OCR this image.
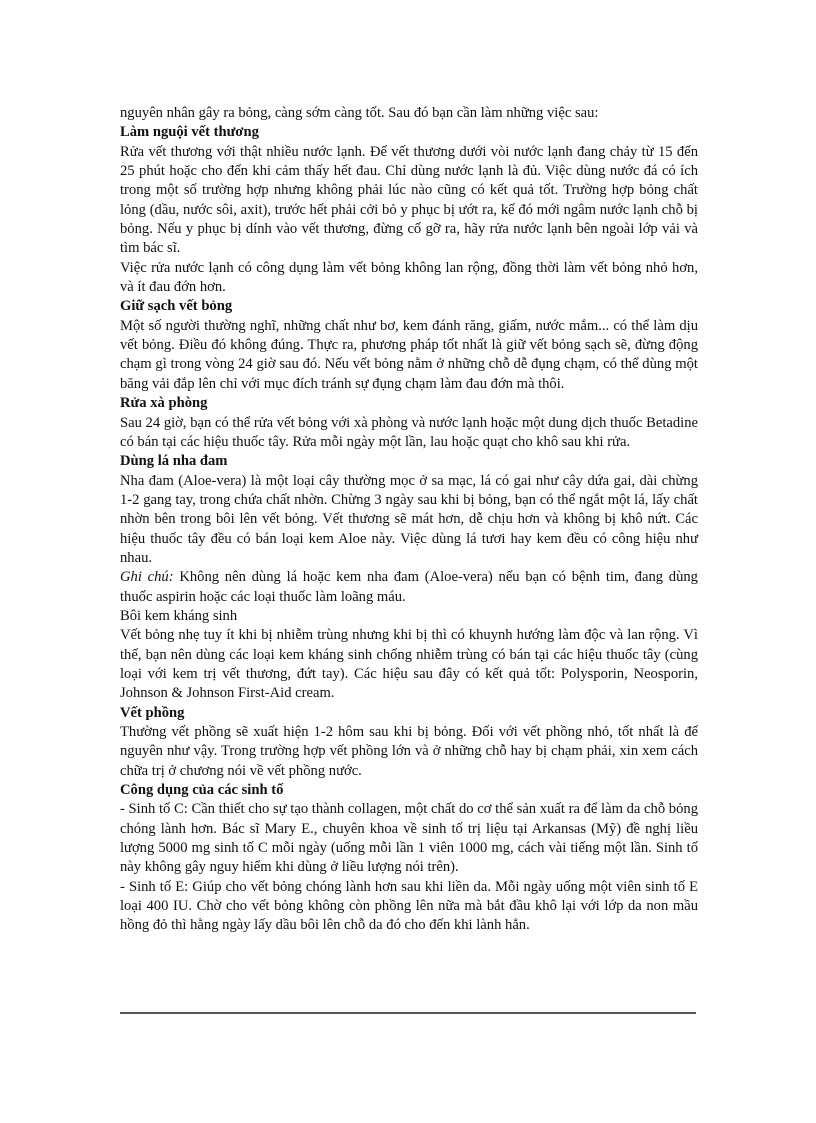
nguyên nhân gây ra bỏng, càng sớm càng tốt. Sau đó bạn cần làm những việc sau:

Làm nguội vết thương

Rửa vết thương với thật nhiều nước lạnh. Để vết thương dưới vòi nước lạnh đang chảy từ 15 đến 25 phút hoặc cho đến khi cảm thấy hết đau. Chỉ dùng nước lạnh là đủ. Việc dùng nước đá có ích trong một số trường hợp nhưng không phải lúc nào cũng có kết quả tốt. Trường hợp bỏng chất lỏng (dầu, nước sôi, axit), trước hết phải cởi bỏ y phục bị ướt ra, kế đó mới ngâm nước lạnh chỗ bị bỏng. Nếu y phục bị dính vào vết thương, đừng cố gỡ ra, hãy rửa nước lạnh bên ngoài lớp vải và tìm bác sĩ.

Việc rửa nước lạnh có công dụng làm vết bỏng không lan rộng, đồng thời làm vết bỏng nhỏ hơn, và ít đau đớn hơn.

Giữ sạch vết bỏng

Một số người thường nghĩ, những chất như bơ, kem đánh răng, giấm, nước mắm... có thể làm dịu vết bỏng. Điều đó không đúng. Thực ra, phương pháp tốt nhất là giữ vết bỏng sạch sẽ, đừng động chạm gì trong vòng 24 giờ sau đó. Nếu vết bỏng nằm ở những chỗ dễ đụng chạm, có thể dùng một băng vải đắp lên chỉ với mục đích tránh sự đụng chạm làm đau đớn mà thôi.

Rửa xà phòng

Sau 24 giờ, bạn có thể rửa vết bỏng với xà phòng và nước lạnh hoặc một dung dịch thuốc Betadine có bán tại các hiệu thuốc tây. Rửa mỗi ngày một lần, lau hoặc quạt cho khô sau khi rửa.

Dùng lá nha đam

Nha đam (Aloe-vera) là một loại cây thường mọc ở sa mạc, lá có gai như cây dứa gai, dài chừng 1-2 gang tay, trong chứa chất nhờn. Chừng 3 ngày sau khi bị bỏng, bạn có thể ngắt một lá, lấy chất nhờn bên trong bôi lên vết bỏng. Vết thương sẽ mát hơn, dễ chịu hơn và không bị khô nứt. Các hiệu thuốc tây đều có bán loại kem Aloe này. Việc dùng lá tươi hay kem đều có công hiệu như nhau.

Ghi chú: Không nên dùng lá hoặc kem nha đam (Aloe-vera) nếu bạn có bệnh tim, đang dùng thuốc aspirin hoặc các loại thuốc làm loãng máu.

Bôi kem kháng sinh

Vết bỏng nhẹ tuy ít khi bị nhiễm trùng nhưng khi bị thì có khuynh hướng làm độc và lan rộng. Vì thế, bạn nên dùng các loại kem kháng sinh chống nhiễm trùng có bán tại các hiệu thuốc tây (cùng loại với kem trị vết thương, đứt tay). Các hiệu sau đây có kết quả tốt: Polysporin, Neosporin, Johnson & Johnson First-Aid cream.

Vết phồng

Thường vết phồng sẽ xuất hiện 1-2 hôm sau khi bị bỏng. Đối với vết phồng nhỏ, tốt nhất là để nguyên như vậy. Trong trường hợp vết phồng lớn và ở những chỗ hay bị chạm phải, xin xem cách chữa trị ở chương nói về vết phồng nước.

Công dụng của các sinh tố

- Sinh tố C: Cần thiết cho sự tạo thành collagen, một chất do cơ thể sản xuất ra để làm da chỗ bỏng chóng lành hơn. Bác sĩ Mary E., chuyên khoa về sinh tố trị liệu tại Arkansas (Mỹ) đề nghị liều lượng 5000 mg sinh tố C mỗi ngày (uống mỗi lần 1 viên 1000 mg, cách vài tiếng một lần. Sinh tố này không gây nguy hiểm khi dùng ở liều lượng nói trên).

- Sinh tố E: Giúp cho vết bỏng chóng lành hơn sau khi liền da. Mỗi ngày uống một viên sinh tố E loại 400 IU. Chờ cho vết bỏng không còn phồng lên nữa mà bắt đầu khô lại với lớp da non mầu hồng đỏ thì hằng ngày lấy dầu bôi lên chỗ da đó cho đến khi lành hẳn.
